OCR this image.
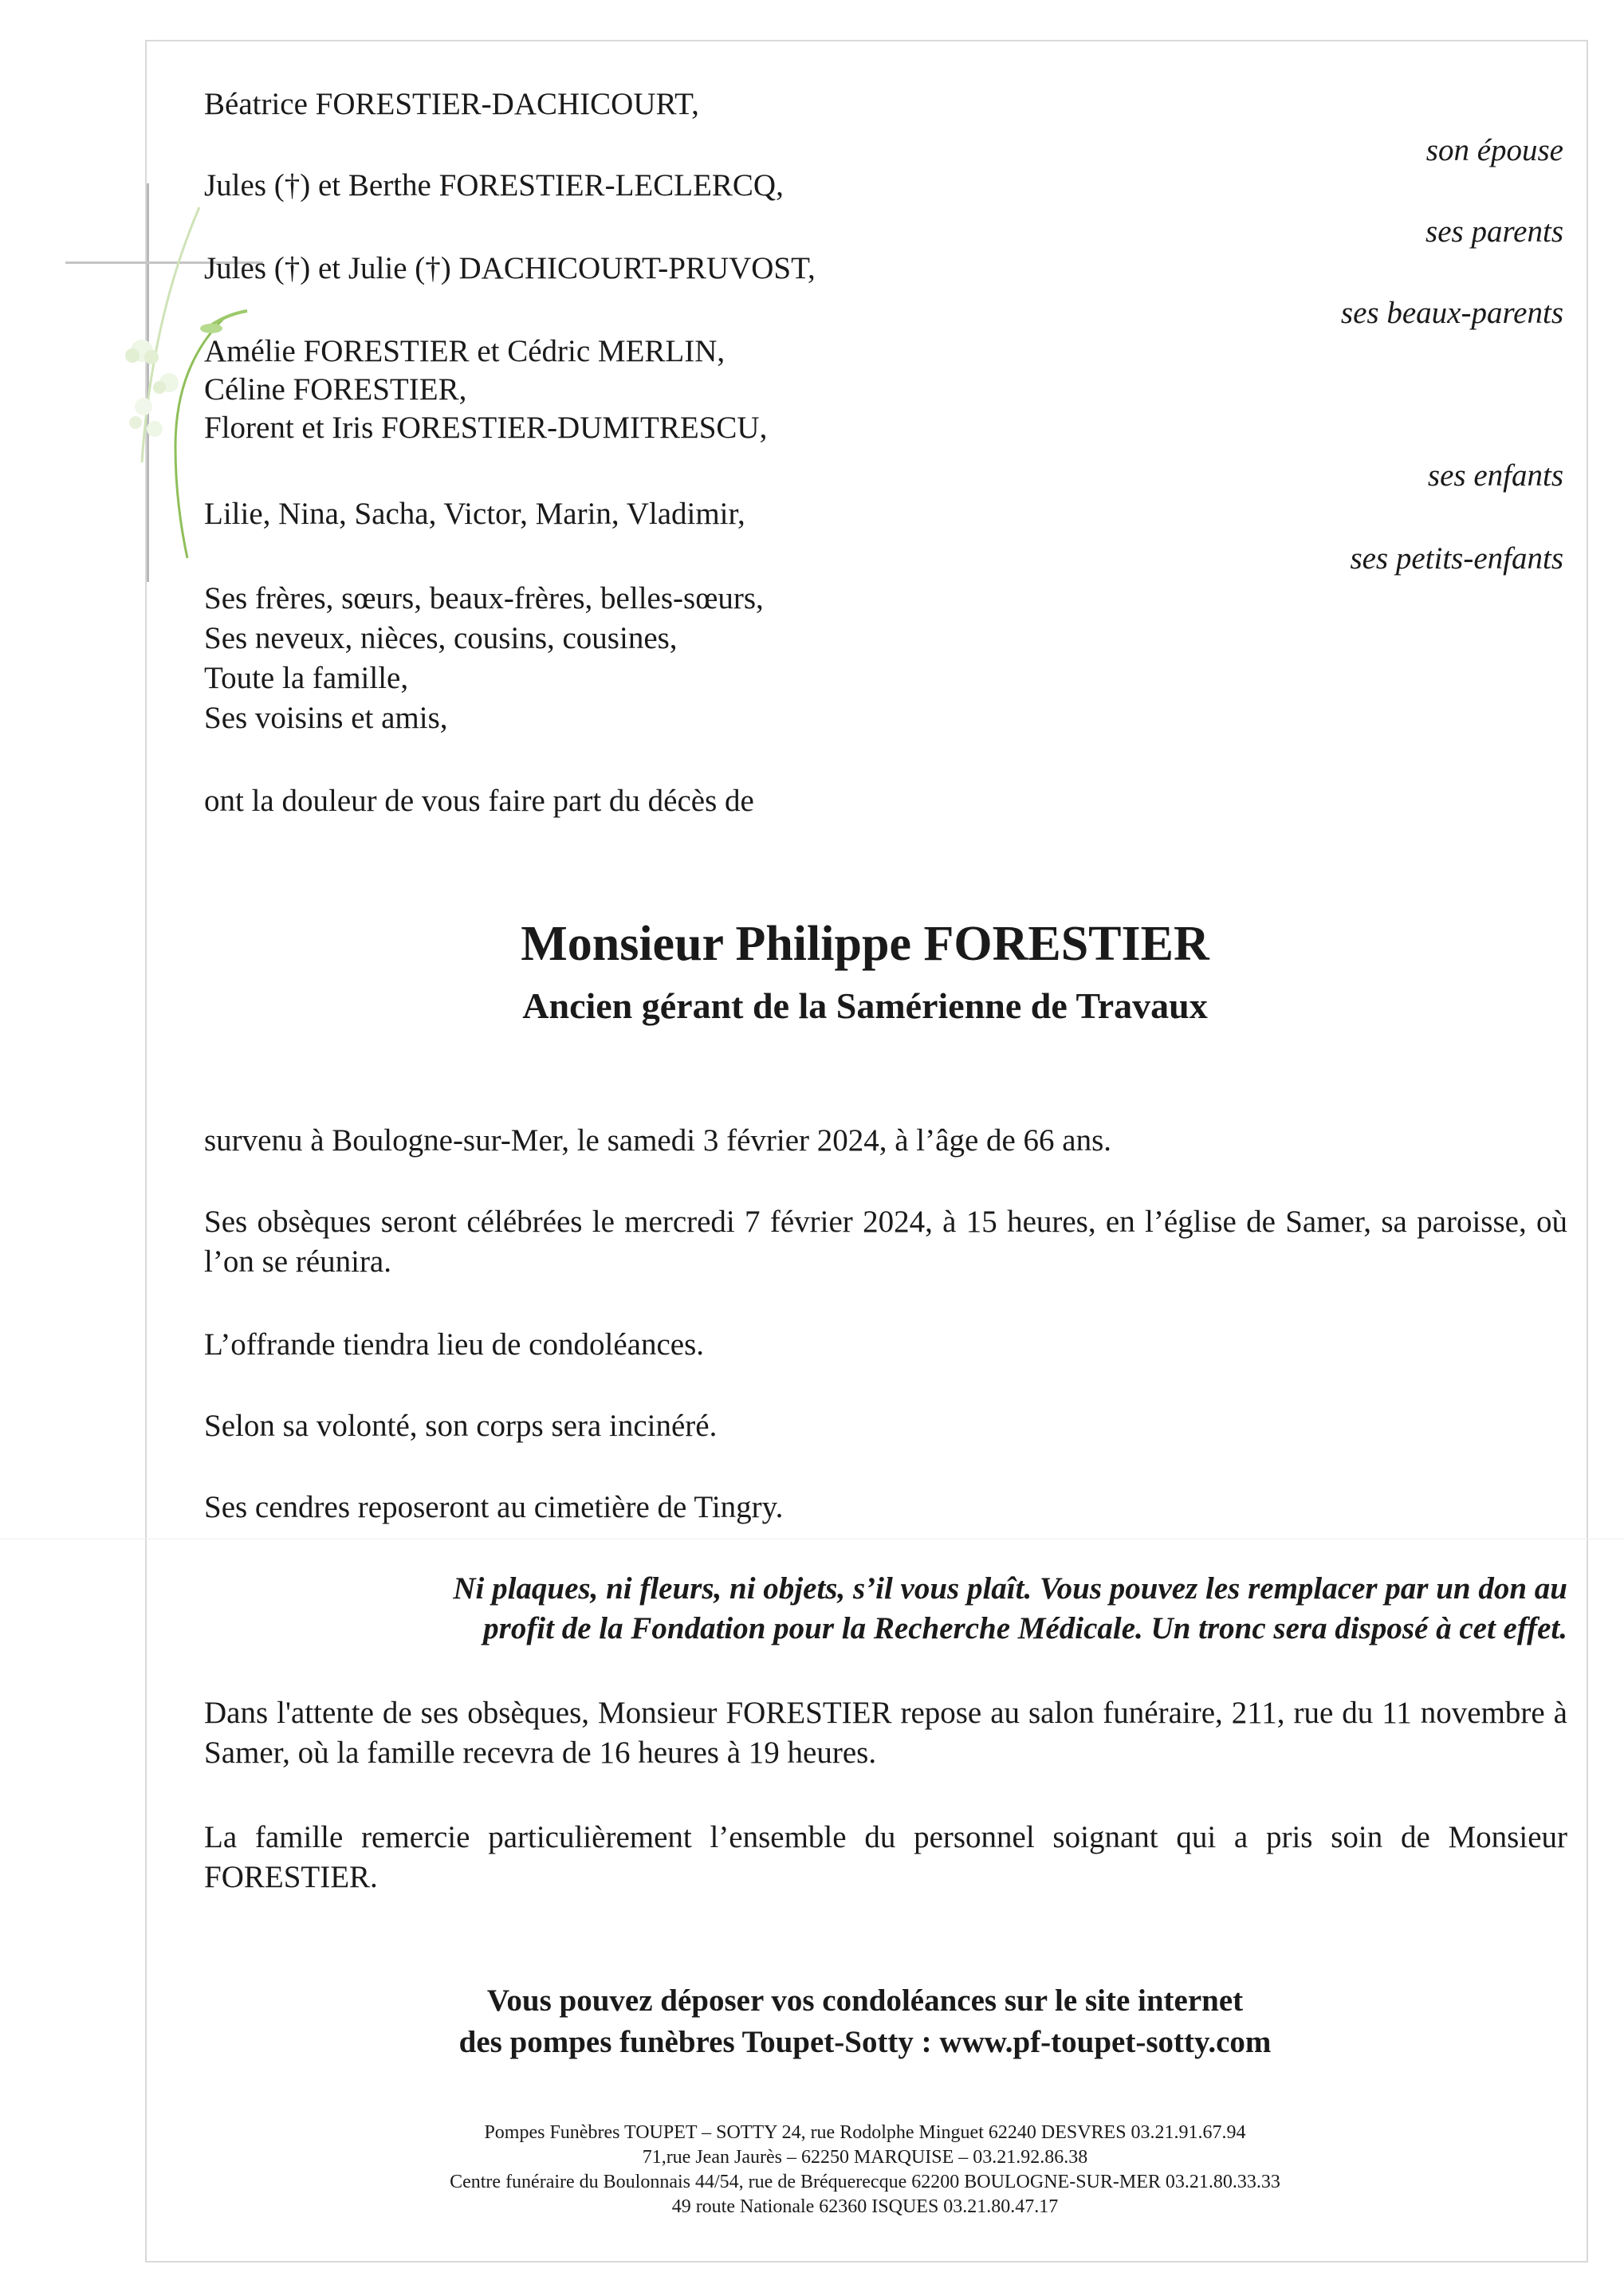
Béatrice FORESTIER-DACHICOURT,
son épouse
Jules (†) et Berthe FORESTIER-LECLERCQ,
ses parents
Jules (†) et Julie (†) DACHICOURT-PRUVOST,
ses beaux-parents
Amélie FORESTIER et Cédric MERLIN,
Céline FORESTIER,
Florent et Iris FORESTIER-DUMITRESCU,
ses enfants
Lilie, Nina, Sacha, Victor, Marin, Vladimir,
ses petits-enfants
Ses frères, sœurs, beaux-frères, belles-sœurs,
Ses neveux, nièces, cousins, cousines,
Toute la famille,
Ses voisins et amis,
ont la douleur de vous faire part du décès de
Monsieur Philippe FORESTIER
Ancien gérant de la Samérienne de Travaux
survenu à Boulogne-sur-Mer, le samedi 3 février 2024, à l’âge de 66 ans.
Ses obsèques seront célébrées le mercredi 7 février 2024, à 15 heures, en l’église de Samer, sa paroisse, où l’on se réunira.
L’offrande tiendra lieu de condoléances.
Selon sa volonté, son corps sera incinéré.
Ses cendres reposeront au cimetière de Tingry.
Ni plaques, ni fleurs, ni objets, s’il vous plaît. Vous pouvez les remplacer par un don au
profit de la Fondation pour la Recherche Médicale. Un tronc sera disposé à cet effet.
Dans l'attente de ses obsèques, Monsieur FORESTIER repose au salon funéraire, 211, rue du 11 novembre à Samer, où la famille recevra de 16 heures à 19 heures.
La famille remercie particulièrement l’ensemble du personnel soignant qui a pris soin de Monsieur FORESTIER.
Vous pouvez déposer vos condoléances sur le site internet
des pompes funèbres Toupet-Sotty : www.pf-toupet-sotty.com
Pompes Funèbres TOUPET – SOTTY 24, rue Rodolphe Minguet 62240 DESVRES 03.21.91.67.94
71,rue Jean Jaurès – 62250 MARQUISE – 03.21.92.86.38
Centre funéraire du Boulonnais 44/54, rue de Bréquerecque 62200 BOULOGNE-SUR-MER 03.21.80.33.33
49 route Nationale 62360 ISQUES 03.21.80.47.17
